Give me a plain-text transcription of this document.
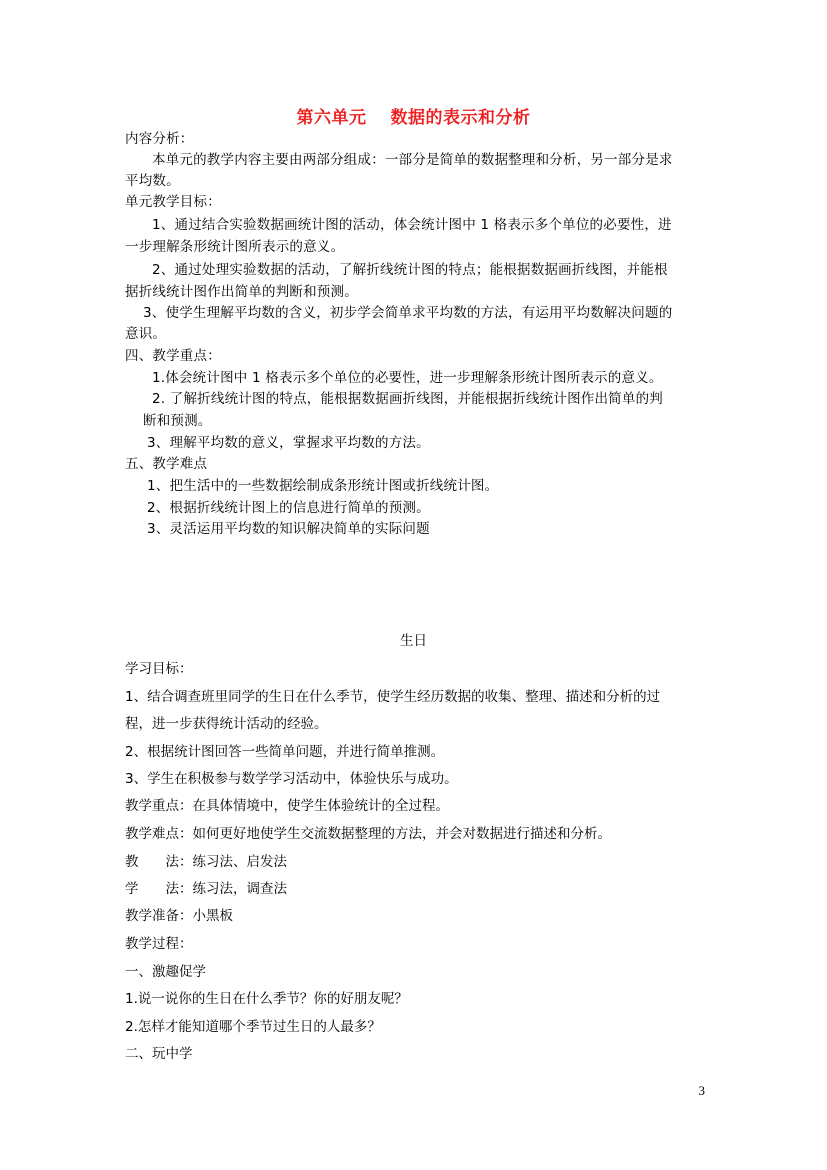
第六单元　 数据的表示和分析
内容分析：
本单元的教学内容主要由两部分组成：一部分是简单的数据整理和分析，另一部分是求
平均数。
单元教学目标：
1、通过结合实验数据画统计图的活动，体会统计图中 1 格表示多个单位的必要性，进
一步理解条形统计图所表示的意义。
2、通过处理实验数据的活动，了解折线统计图的特点；能根据数据画折线图，并能根
据折线统计图作出简单的判断和预测。
3、使学生理解平均数的含义，初步学会简单求平均数的方法，有运用平均数解决问题的
意识。
四、教学重点：
1.体会统计图中 1 格表示多个单位的必要性，进一步理解条形统计图所表示的意义。
2. 了解折线统计图的特点，能根据数据画折线图，并能根据折线统计图作出简单的判
断和预测。
3、理解平均数的意义，掌握求平均数的方法。
五、教学难点
1、把生活中的一些数据绘制成条形统计图或折线统计图。
2、根据折线统计图上的信息进行简单的预测。
3、灵活运用平均数的知识解决简单的实际问题
生日
学习目标：
1、结合调查班里同学的生日在什么季节，使学生经历数据的收集、整理、描述和分析的过
程，进一步获得统计活动的经验。
2、根据统计图回答一些简单问题，并进行简单推测。
3、学生在积极参与数学学习活动中，体验快乐与成功。
教学重点：在具体情境中，使学生体验统计的全过程。
教学难点：如何更好地使学生交流数据整理的方法，并会对数据进行描述和分析。
教　　法：练习法、启发法
学　　法：练习法，调查法
教学准备：小黑板
教学过程：
一、激趣促学
1.说一说你的生日在什么季节？你的好朋友呢？
2.怎样才能知道哪个季节过生日的人最多？
二、玩中学
3
